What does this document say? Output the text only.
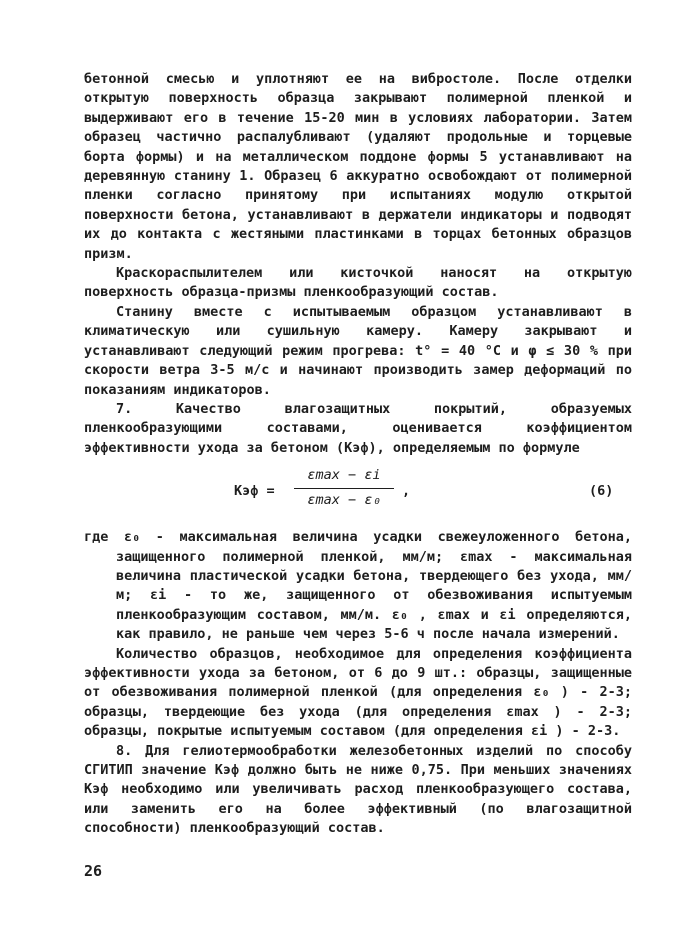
бетонной смесью и уплотняют ее на вибростоле. После отделки открытую поверхность образца закрывают полимерной пленкой и выдерживают его в течение 15-20 мин в условиях лаборатории. Затем образец частично распалубливают (удаляют продольные и торцевые борта формы) и на металлическом поддоне формы 5 устанавливают на деревянную станину 1. Образец 6 аккуратно освобождают от полимерной пленки согласно принятому при испытаниях модулю открытой поверхности бетона, устанавливают в держатели индикаторы и подводят их до контакта с жестяными пластинками в торцах бетонных образцов призм.

Краскораспылителем или кисточкой наносят на открытую поверхность образца-призмы пленкообразующий состав.

Станину вместе с испытываемым образцом устанавливают в климатическую или сушильную камеру. Камеру закрывают и устанавливают следующий режим прогрева: t° = 40 °С и φ ≤ 30 % при скорости ветра 3-5 м/с и начинают производить замер деформаций по показаниям индикаторов.

7. Качество влагозащитных покрытий, образуемых пленкообразующими составами, оценивается коэффициентом эффективности ухода за бетоном (Кэф), определяемым по формуле

Кэф =
εmax − εi
εmax − ε₀
,	(6)

где ε₀ - максимальная величина усадки свежеуложенного бетона, защищенного полимерной пленкой, мм/м; εmax - максимальная величина пластической усадки бетона, твердеющего без ухода, мм/м; εi - то же, защищенного от обезвоживания испытуемым пленкообразующим составом, мм/м. ε₀ , εmax и εi определяются, как правило, не раньше чем через 5-6 ч после начала измерений.

Количество образцов, необходимое для определения коэффициента эффективности ухода за бетоном, от 6 до 9 шт.: образцы, защищенные от обезвоживания полимерной пленкой (для определения ε₀ ) - 2-3; образцы, твердеющие без ухода (для определения εmax ) - 2-3; образцы, покрытые испытуемым составом (для определения εi ) - 2-3.

8. Для гелиотермообработки железобетонных изделий по способу СГИТИП значение Кэф должно быть не ниже 0,75. При меньших значениях Кэф необходимо или увеличивать расход пленкообразующего состава, или заменить его на более эффективный (по влагозащитной способности) пленкообразующий состав.

26
